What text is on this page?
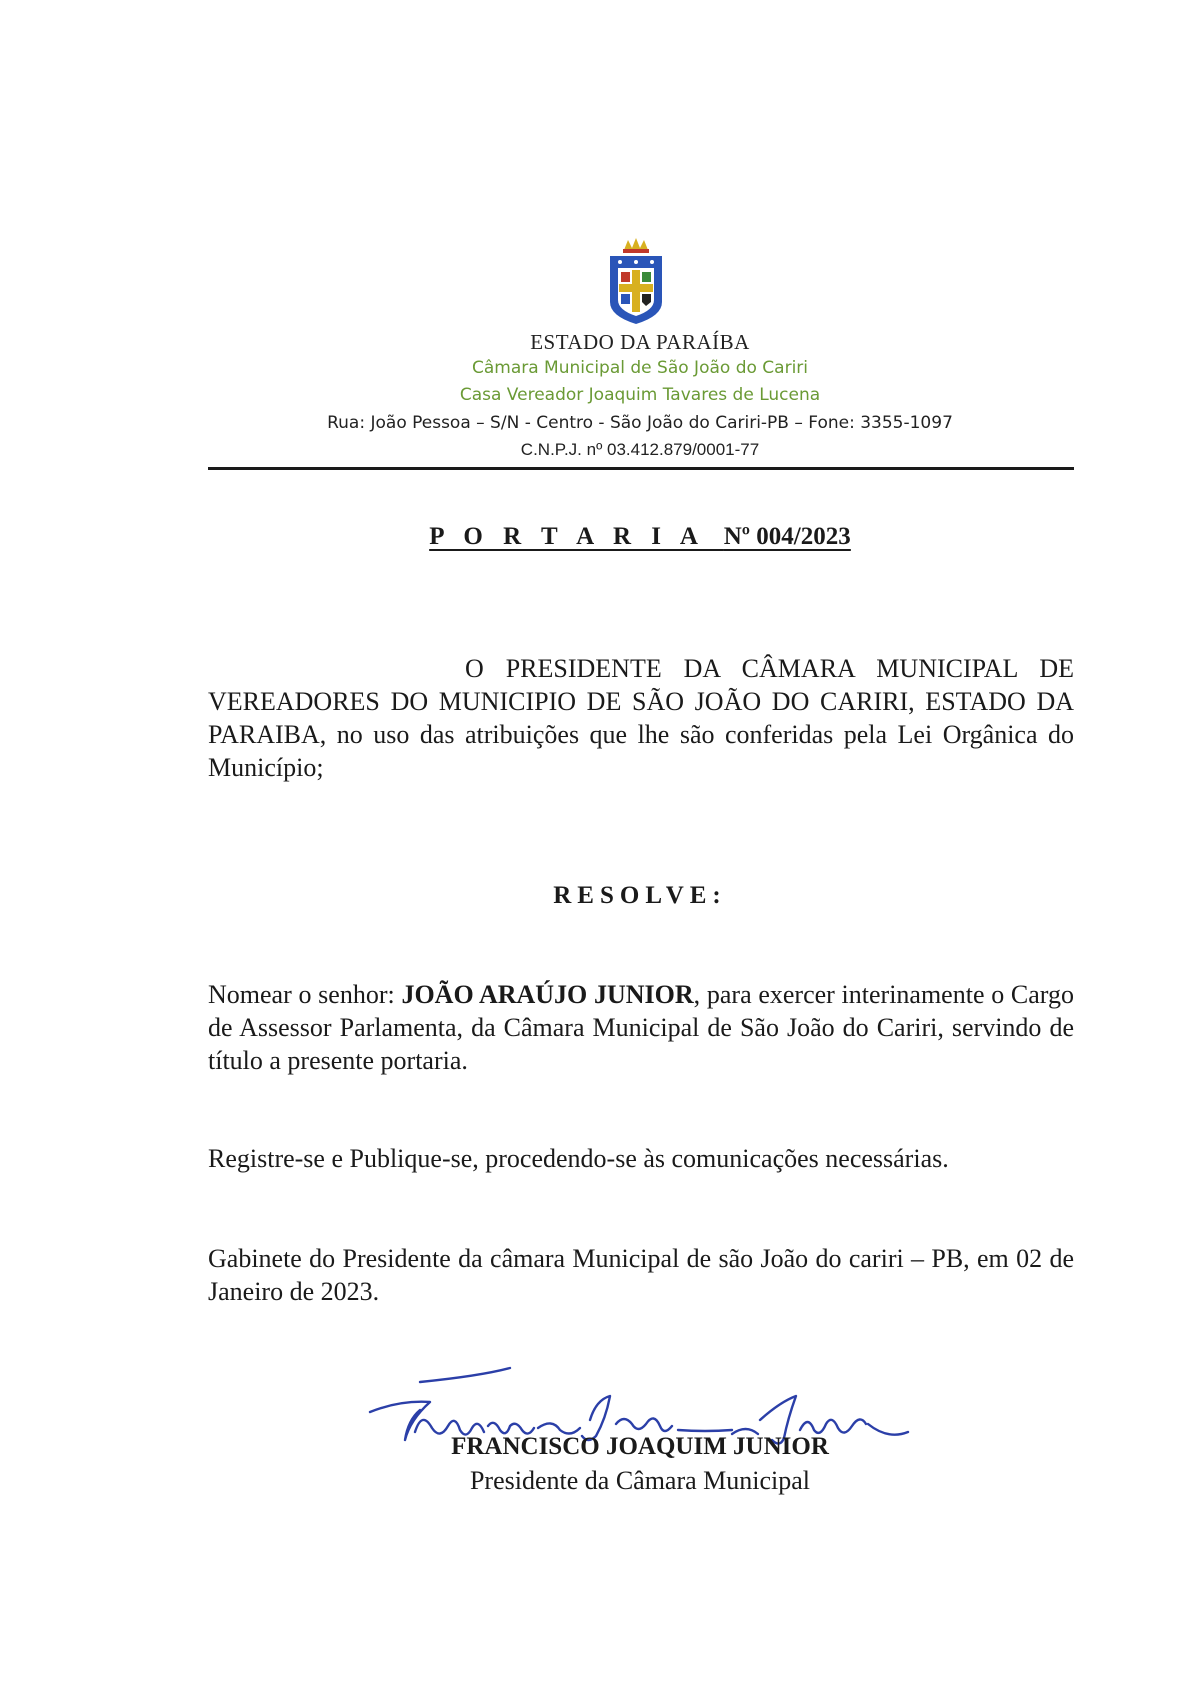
ESTADO DA PARAÍBA
Câmara Municipal de São João do Cariri
Casa Vereador Joaquim Tavares de Lucena
Rua: João Pessoa – S/N - Centro - São João do Cariri-PB – Fone: 3355-1097
C.N.P.J. nº 03.412.879/0001-77
P O R T A R I A Nº 004/2023
O PRESIDENTE DA CÂMARA MUNICIPAL DE VEREADORES DO MUNICIPIO DE SÃO JOÃO DO CARIRI, ESTADO DA PARAIBA, no uso das atribuições que lhe são conferidas pela Lei Orgânica do Município;
RESOLVE:
Nomear o senhor: JOÃO ARAÚJO JUNIOR, para exercer interinamente o Cargo de Assessor Parlamenta, da Câmara Municipal de São João do Cariri, servindo de título a presente portaria.
Registre-se e Publique-se, procedendo-se às comunicações necessárias.
Gabinete do Presidente da câmara Municipal de são João do cariri – PB, em 02 de Janeiro de 2023.
FRANCISCO JOAQUIM JUNIOR
Presidente da Câmara Municipal
